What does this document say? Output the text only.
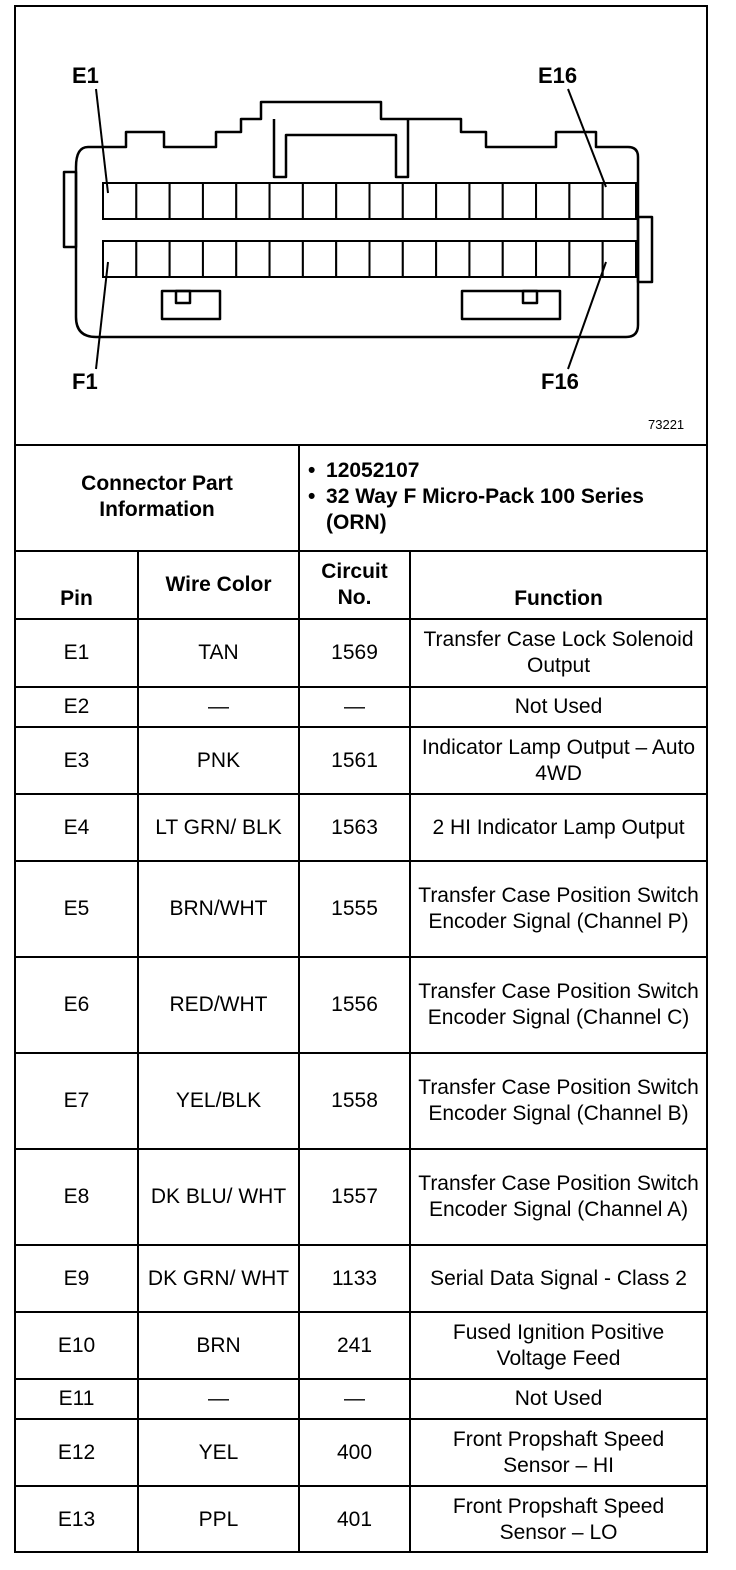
E1	E16
F1	F16
73221
Connector Part Information		• 12052107
• 32 Way F Micro-Pack 100 Series (ORN)

Pin	Wire Color	Circuit No.	Function
E1	TAN	1569	Transfer Case Lock Solenoid Output
E2	—	—	Not Used
E3	PNK	1561	Indicator Lamp Output – Auto 4WD
E4	LT GRN/ BLK	1563	2 HI Indicator Lamp Output
E5	BRN/WHT	1555	Transfer Case Position Switch Encoder Signal (Channel P)
E6	RED/WHT	1556	Transfer Case Position Switch Encoder Signal (Channel C)
E7	YEL/BLK	1558	Transfer Case Position Switch Encoder Signal (Channel B)
E8	DK BLU/ WHT	1557	Transfer Case Position Switch Encoder Signal (Channel A)
E9	DK GRN/ WHT	1133	Serial Data Signal - Class 2
E10	BRN	241	Fused Ignition Positive Voltage Feed
E11	—	—	Not Used
E12	YEL	400	Front Propshaft Speed Sensor – HI
E13	PPL	401	Front Propshaft Speed Sensor – LO
